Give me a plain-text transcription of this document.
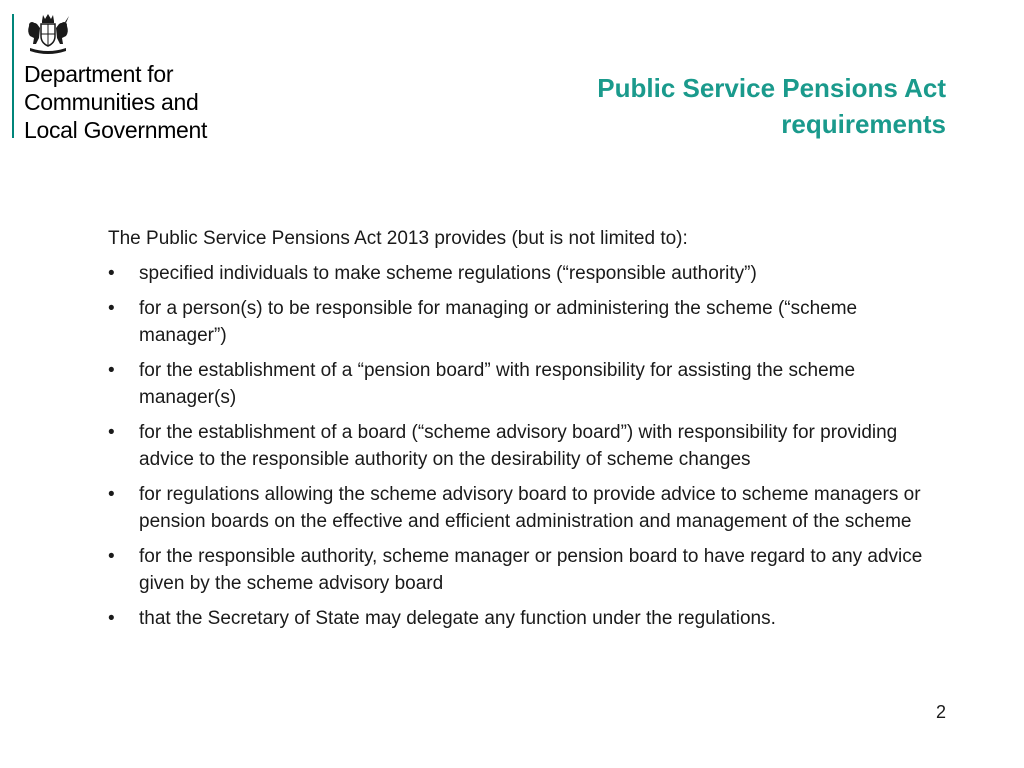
Department for
Communities and
Local Government
Public Service Pensions Act
requirements

The Public Service Pensions Act 2013 provides (but is not limited to):

• specified individuals to make scheme regulations (“responsible authority”)
• for a person(s) to be responsible for managing or administering the scheme (“scheme manager”)
• for the establishment of a “pension board” with responsibility for assisting the scheme manager(s)
• for the establishment of a board (“scheme advisory board”) with responsibility for providing advice to the responsible authority on the desirability of scheme changes
• for regulations allowing the scheme advisory board to provide advice to scheme managers or pension boards on the effective and efficient administration and management of the scheme
• for the responsible authority, scheme manager or pension board to have regard to any advice given by the scheme advisory board
• that the Secretary of State may delegate any function under the regulations.
2
